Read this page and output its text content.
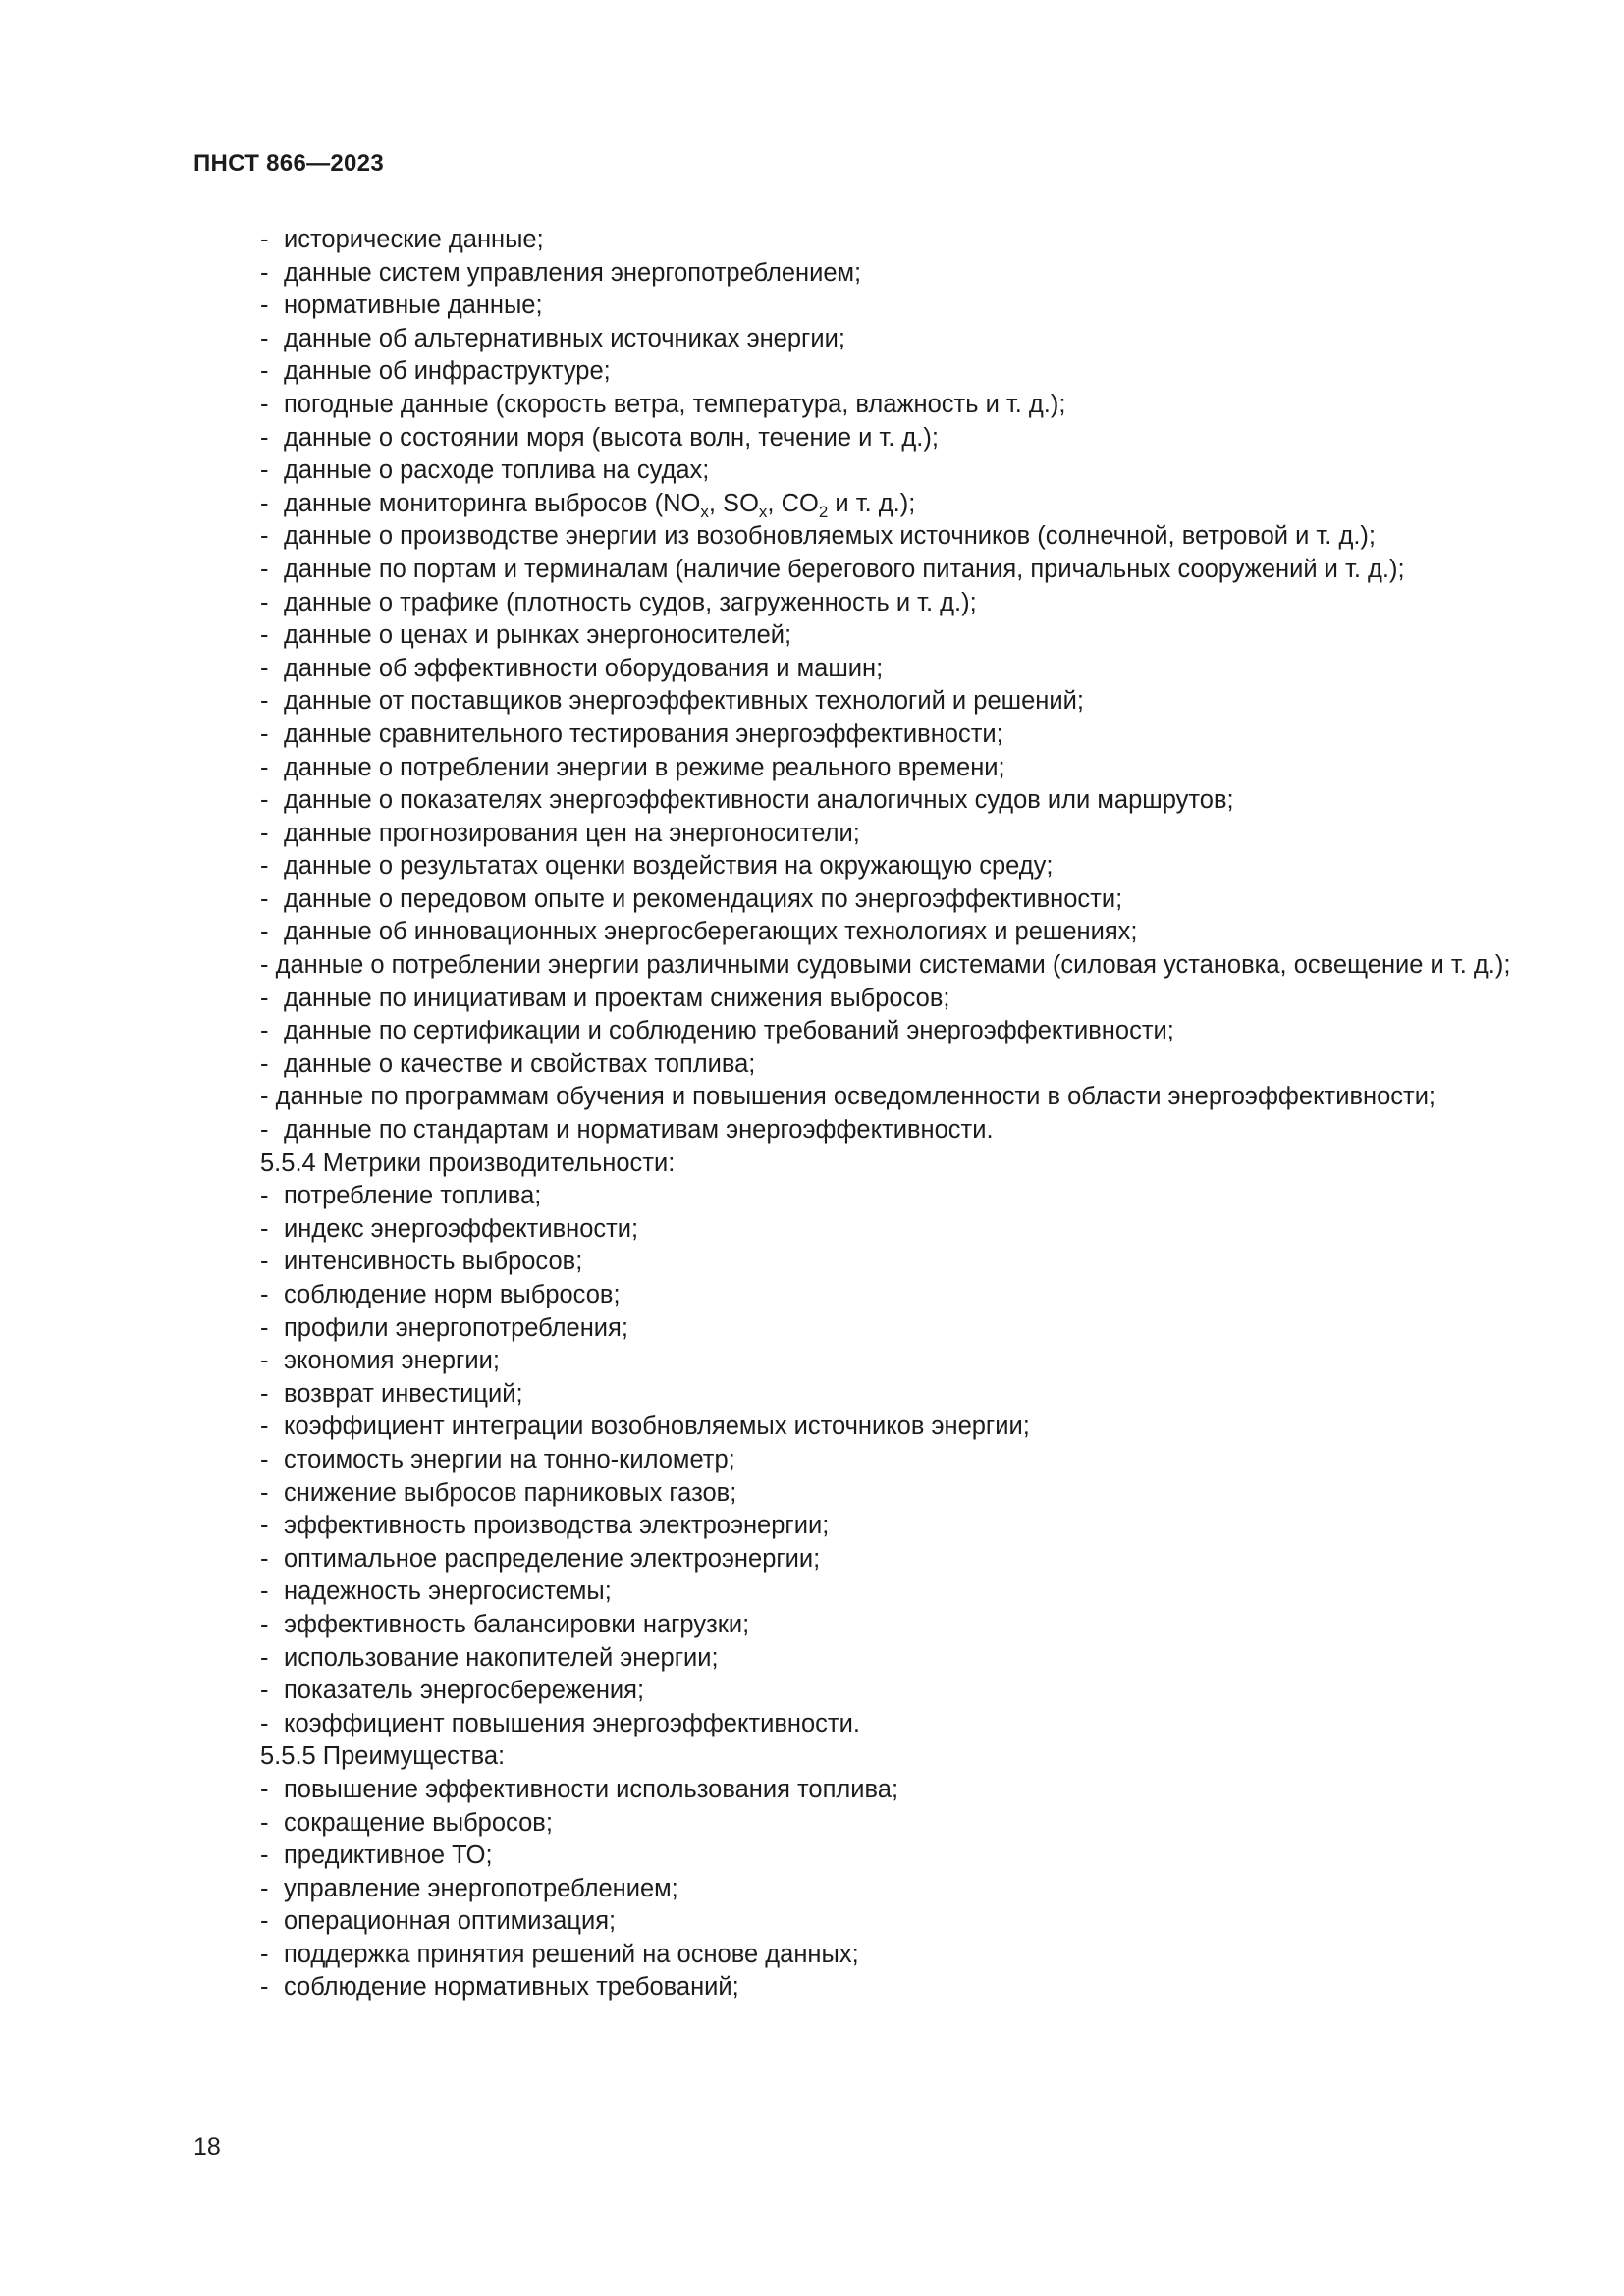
ПНСТ 866—2023
- исторические данные;
- данные систем управления энергопотреблением;
- нормативные данные;
- данные об альтернативных источниках энергии;
- данные об инфраструктуре;
- погодные данные (скорость ветра, температура, влажность и т. д.);
- данные о состоянии моря (высота волн, течение и т. д.);
- данные о расходе топлива на судах;
- данные мониторинга выбросов ($NO_x$, $SO_x$, $CO_2$ и т. д.);
- данные о производстве энергии из возобновляемых источников (солнечной, ветровой и т. д.);
- данные по портам и терминалам (наличие берегового питания, причальных сооружений и т. д.);
- данные о трафике (плотность судов, загруженность и т. д.);
- данные о ценах и рынках энергоносителей;
- данные об эффективности оборудования и машин;
- данные от поставщиков энергоэффективных технологий и решений;
- данные сравнительного тестирования энергоэффективности;
- данные о потреблении энергии в режиме реального времени;
- данные о показателях энергоэффективности аналогичных судов или маршрутов;
- данные прогнозирования цен на энергоносители;
- данные о результатах оценки воздействия на окружающую среду;
- данные о передовом опыте и рекомендациях по энергоэффективности;
- данные об инновационных энергосберегающих технологиях и решениях;
- данные о потреблении энергии различными судовыми системами (силовая установка, освещение и т. д.);
- данные по инициативам и проектам снижения выбросов;
- данные по сертификации и соблюдению требований энергоэффективности;
- данные о качестве и свойствах топлива;
- данные по программам обучения и повышения осведомленности в области энергоэффективности;
- данные по стандартам и нормативам энергоэффективности.
5.5.4 Метрики производительности:
- потребление топлива;
- индекс энергоэффективности;
- интенсивность выбросов;
- соблюдение норм выбросов;
- профили энергопотребления;
- экономия энергии;
- возврат инвестиций;
- коэффициент интеграции возобновляемых источников энергии;
- стоимость энергии на тонно-километр;
- снижение выбросов парниковых газов;
- эффективность производства электроэнергии;
- оптимальное распределение электроэнергии;
- надежность энергосистемы;
- эффективность балансировки нагрузки;
- использование накопителей энергии;
- показатель энергосбережения;
- коэффициент повышения энергоэффективности.
5.5.5 Преимущества:
- повышение эффективности использования топлива;
- сокращение выбросов;
- предиктивное ТО;
- управление энергопотреблением;
- операционная оптимизация;
- поддержка принятия решений на основе данных;
- соблюдение нормативных требований;
18
